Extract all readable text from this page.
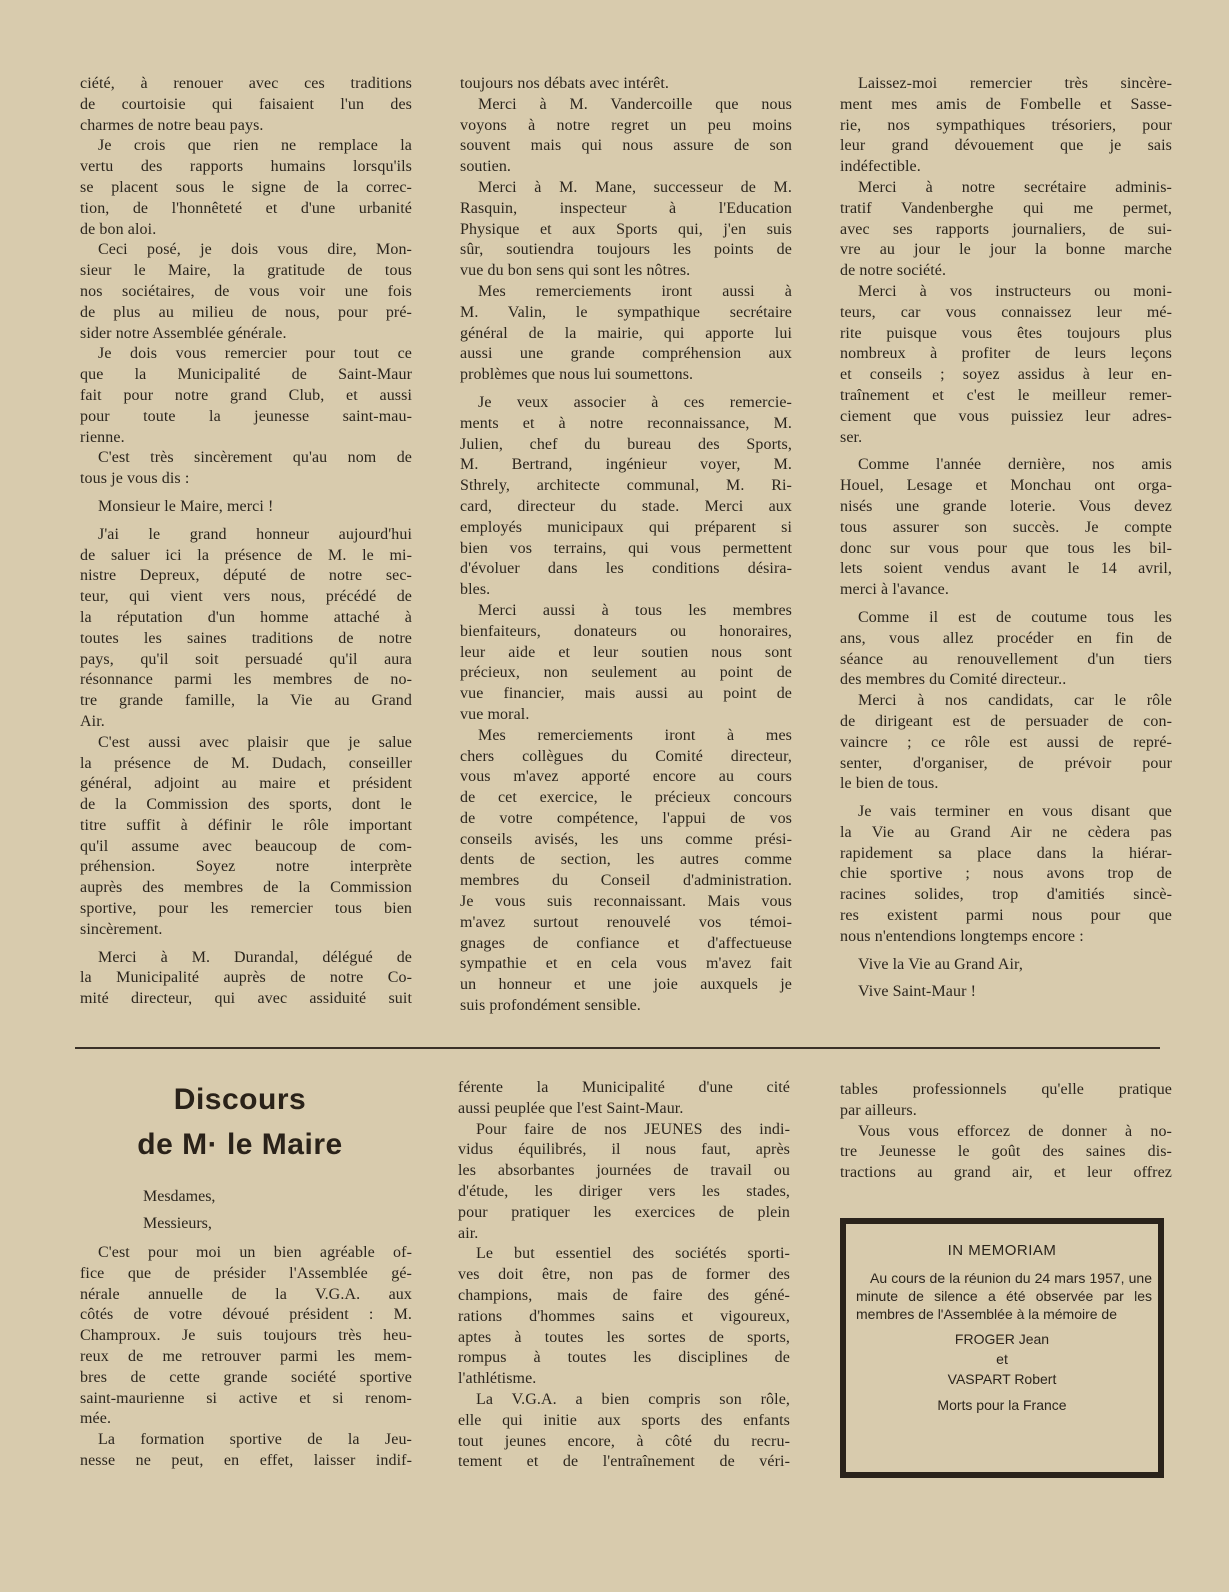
ciété, à renouer avec ces traditions
de courtoisie qui faisaient l'un des
charmes de notre beau pays.
Je crois que rien ne remplace la
vertu des rapports humains lorsqu'ils
se placent sous le signe de la correc-
tion, de l'honnêteté et d'une urbanité
de bon aloi.
Ceci posé, je dois vous dire, Mon-
sieur le Maire, la gratitude de tous
nos sociétaires, de vous voir une fois
de plus au milieu de nous, pour pré-
sider notre Assemblée générale.
Je dois vous remercier pour tout ce
que la Municipalité de Saint-Maur
fait pour notre grand Club, et aussi
pour toute la jeunesse saint-mau-
rienne.
C'est très sincèrement qu'au nom de
tous je vous dis :
Monsieur le Maire, merci !
J'ai le grand honneur aujourd'hui
de saluer ici la présence de M. le mi-
nistre Depreux, député de notre sec-
teur, qui vient vers nous, précédé de
la réputation d'un homme attaché à
toutes les saines traditions de notre
pays, qu'il soit persuadé qu'il aura
résonnance parmi les membres de no-
tre grande famille, la Vie au Grand
Air.
C'est aussi avec plaisir que je salue
la présence de M. Dudach, conseiller
général, adjoint au maire et président
de la Commission des sports, dont le
titre suffit à définir le rôle important
qu'il assume avec beaucoup de com-
préhension. Soyez notre interprète
auprès des membres de la Commission
sportive, pour les remercier tous bien
sincèrement.
Merci à M. Durandal, délégué de
la Municipalité auprès de notre Co-
mité directeur, qui avec assiduité suit
toujours nos débats avec intérêt.
Merci à M. Vandercoille que nous
voyons à notre regret un peu moins
souvent mais qui nous assure de son
soutien.
Merci à M. Mane, successeur de M.
Rasquin, inspecteur à l'Education
Physique et aux Sports qui, j'en suis
sûr, soutiendra toujours les points de
vue du bon sens qui sont les nôtres.
Mes remerciements iront aussi à
M. Valin, le sympathique secrétaire
général de la mairie, qui apporte lui
aussi une grande compréhension aux
problèmes que nous lui soumettons.
Je veux associer à ces remercie-
ments et à notre reconnaissance, M.
Julien, chef du bureau des Sports,
M. Bertrand, ingénieur voyer, M.
Sthrely, architecte communal, M. Ri-
card, directeur du stade. Merci aux
employés municipaux qui préparent si
bien vos terrains, qui vous permettent
d'évoluer dans les conditions désira-
bles.
Merci aussi à tous les membres
bienfaiteurs, donateurs ou honoraires,
leur aide et leur soutien nous sont
précieux, non seulement au point de
vue financier, mais aussi au point de
vue moral.
Mes remerciements iront à mes
chers collègues du Comité directeur,
vous m'avez apporté encore au cours
de cet exercice, le précieux concours
de votre compétence, l'appui de vos
conseils avisés, les uns comme prési-
dents de section, les autres comme
membres du Conseil d'administration.
Je vous suis reconnaissant. Mais vous
m'avez surtout renouvelé vos témoi-
gnages de confiance et d'affectueuse
sympathie et en cela vous m'avez fait
un honneur et une joie auxquels je
suis profondément sensible.
Laissez-moi remercier très sincère-
ment mes amis de Fombelle et Sasse-
rie, nos sympathiques trésoriers, pour
leur grand dévouement que je sais
indéfectible.
Merci à notre secrétaire adminis-
tratif Vandenberghe qui me permet,
avec ses rapports journaliers, de sui-
vre au jour le jour la bonne marche
de notre société.
Merci à vos instructeurs ou moni-
teurs, car vous connaissez leur mé-
rite puisque vous êtes toujours plus
nombreux à profiter de leurs leçons
et conseils ; soyez assidus à leur en-
traînement et c'est le meilleur remer-
ciement que vous puissiez leur adres-
ser.
Comme l'année dernière, nos amis
Houel, Lesage et Monchau ont orga-
nisés une grande loterie. Vous devez
tous assurer son succès. Je compte
donc sur vous pour que tous les bil-
lets soient vendus avant le 14 avril,
merci à l'avance.
Comme il est de coutume tous les
ans, vous allez procéder en fin de
séance au renouvellement d'un tiers
des membres du Comité directeur..
Merci à nos candidats, car le rôle
de dirigeant est de persuader de con-
vaincre ; ce rôle est aussi de repré-
senter, d'organiser, de prévoir pour
le bien de tous.
Je vais terminer en vous disant que
la Vie au Grand Air ne cèdera pas
rapidement sa place dans la hiérar-
chie sportive ; nous avons trop de
racines solides, trop d'amitiés sincè-
res existent parmi nous pour que
nous n'entendions longtemps encore :
Vive la Vie au Grand Air,
Vive Saint-Maur !
Discours
de M· le Maire
Mesdames,
Messieurs,
C'est pour moi un bien agréable of-
fice que de présider l'Assemblée gé-
nérale annuelle de la V.G.A. aux
côtés de votre dévoué président : M.
Champroux. Je suis toujours très heu-
reux de me retrouver parmi les mem-
bres de cette grande société sportive
saint-maurienne si active et si renom-
mée.
La formation sportive de la Jeu-
nesse ne peut, en effet, laisser indif-
férente la Municipalité d'une cité
aussi peuplée que l'est Saint-Maur.
Pour faire de nos JEUNES des indi-
vidus équilibrés, il nous faut, après
les absorbantes journées de travail ou
d'étude, les diriger vers les stades,
pour pratiquer les exercices de plein
air.
Le but essentiel des sociétés sporti-
ves doit être, non pas de former des
champions, mais de faire des géné-
rations d'hommes sains et vigoureux,
aptes à toutes les sortes de sports,
rompus à toutes les disciplines de
l'athlétisme.
La V.G.A. a bien compris son rôle,
elle qui initie aux sports des enfants
tout jeunes encore, à côté du recru-
tement et de l'entraînement de véri-
tables professionnels qu'elle pratique
par ailleurs.
Vous vous efforcez de donner à no-
tre Jeunesse le goût des saines dis-
tractions au grand air, et leur offrez
IN MEMORIAM
Au cours de la réunion du 24 mars 1957, une minute de silence a été observée par les membres de l'Assemblée à la mémoire de
FROGER Jean
et
VASPART Robert
Morts pour la France
